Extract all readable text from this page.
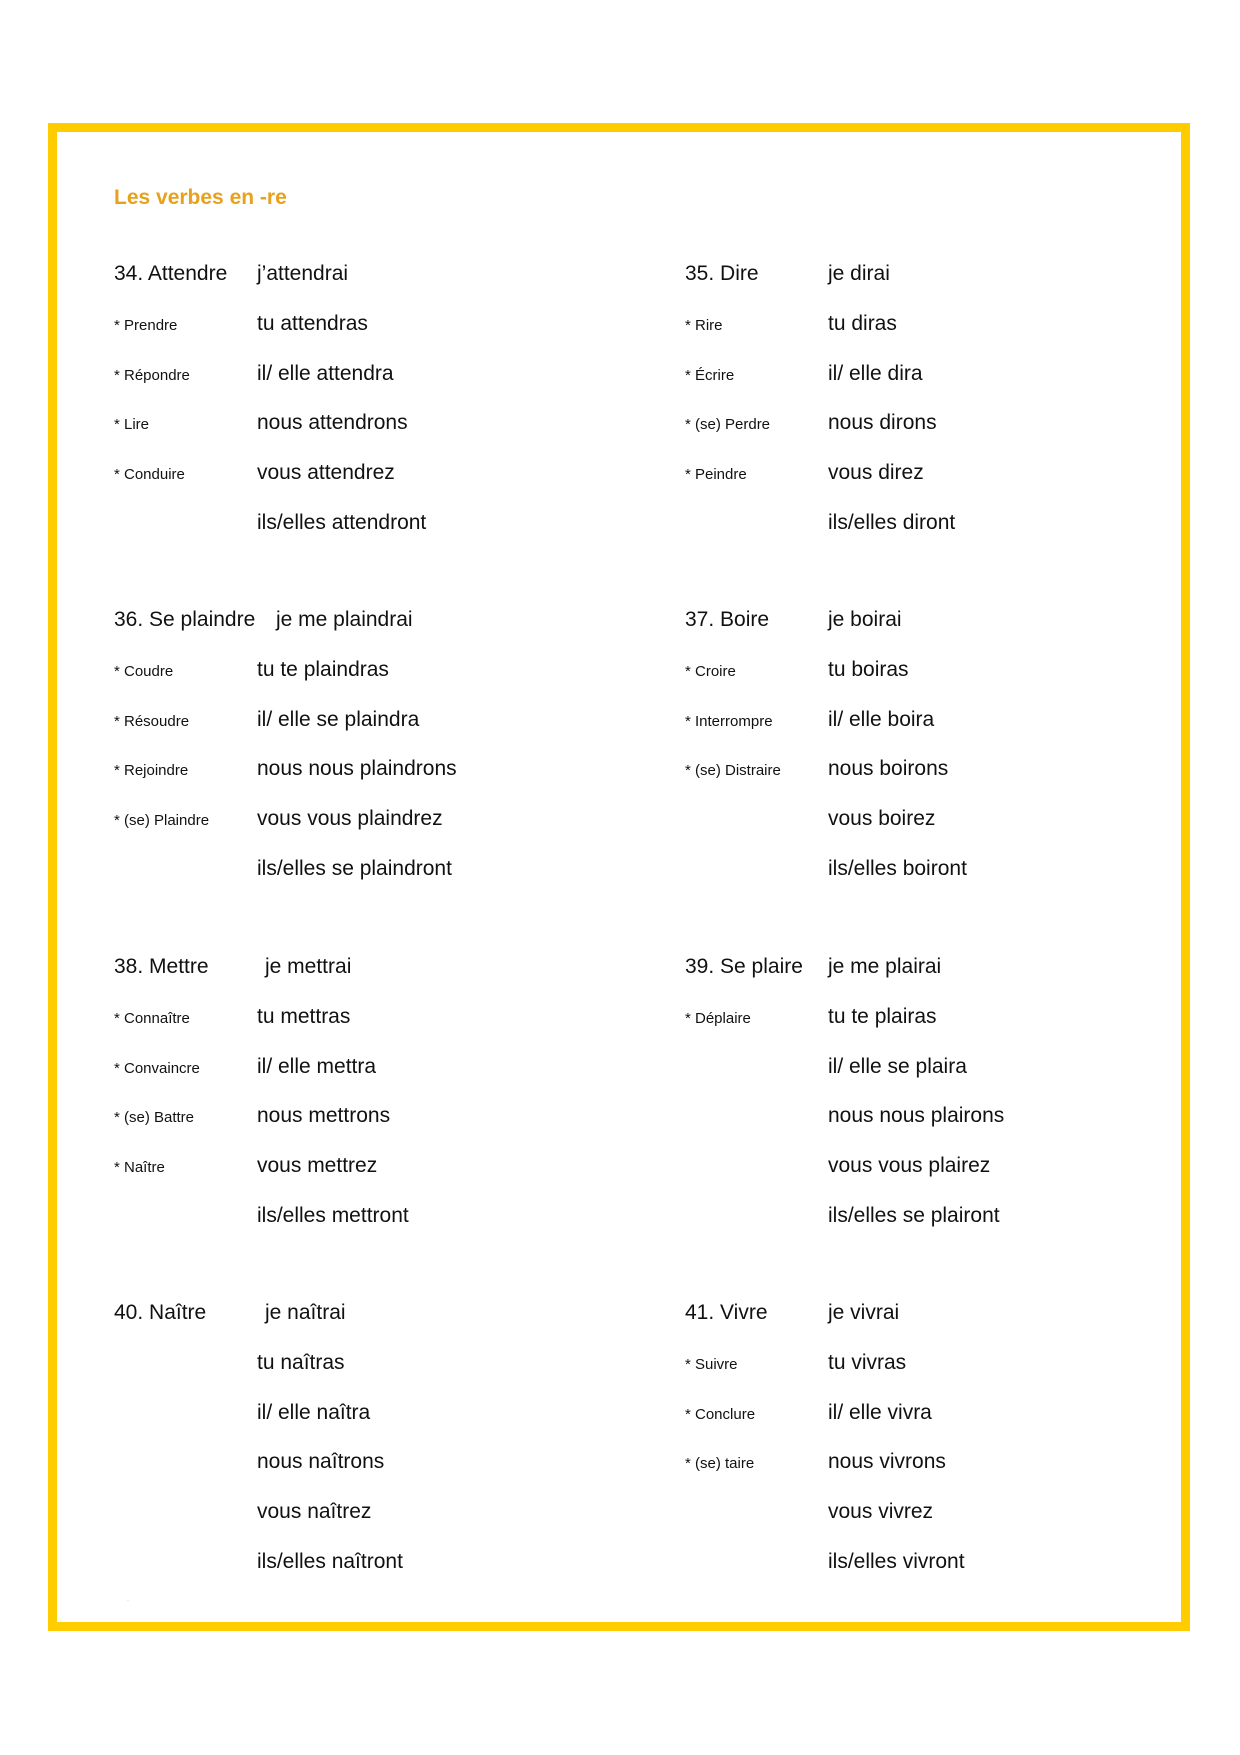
Les verbes en -re
34. Attendre
* Prendre
* Répondre
* Lire
* Conduire
j’attendrai
tu attendras
il/ elle attendra
nous attendrons
vous attendrez
ils/elles attendront
35. Dire
* Rire
* Écrire
* (se) Perdre
* Peindre
je dirai
tu diras
il/ elle dira
nous dirons
vous direz
ils/elles diront
36. Se plaindre
* Coudre
* Résoudre
* Rejoindre
* (se) Plaindre
je me plaindrai
tu te plaindras
il/ elle se plaindra
nous nous plaindrons
vous vous plaindrez
ils/elles se plaindront
37. Boire
* Croire
* Interrompre
* (se) Distraire
je boirai
tu boiras
il/ elle boira
nous boirons
vous boirez
ils/elles boiront
38. Mettre
* Connaître
* Convaincre
* (se) Battre
* Naître
je mettrai
tu mettras
il/ elle mettra
nous mettrons
vous mettrez
ils/elles mettront
39. Se plaire
* Déplaire
je me plairai
tu te plairas
il/ elle se plaira
nous nous plairons
vous vous plairez
ils/elles se plairont
40. Naître	je naîtrai
tu naîtras
il/ elle naîtra
nous naîtrons
vous naîtrez
ils/elles naîtront
41. Vivre
* Suivre
* Conclure
* (se) taire
je vivrai
tu vivras
il/ elle vivra
nous vivrons
vous vivrez
ils/elles vivront
·
